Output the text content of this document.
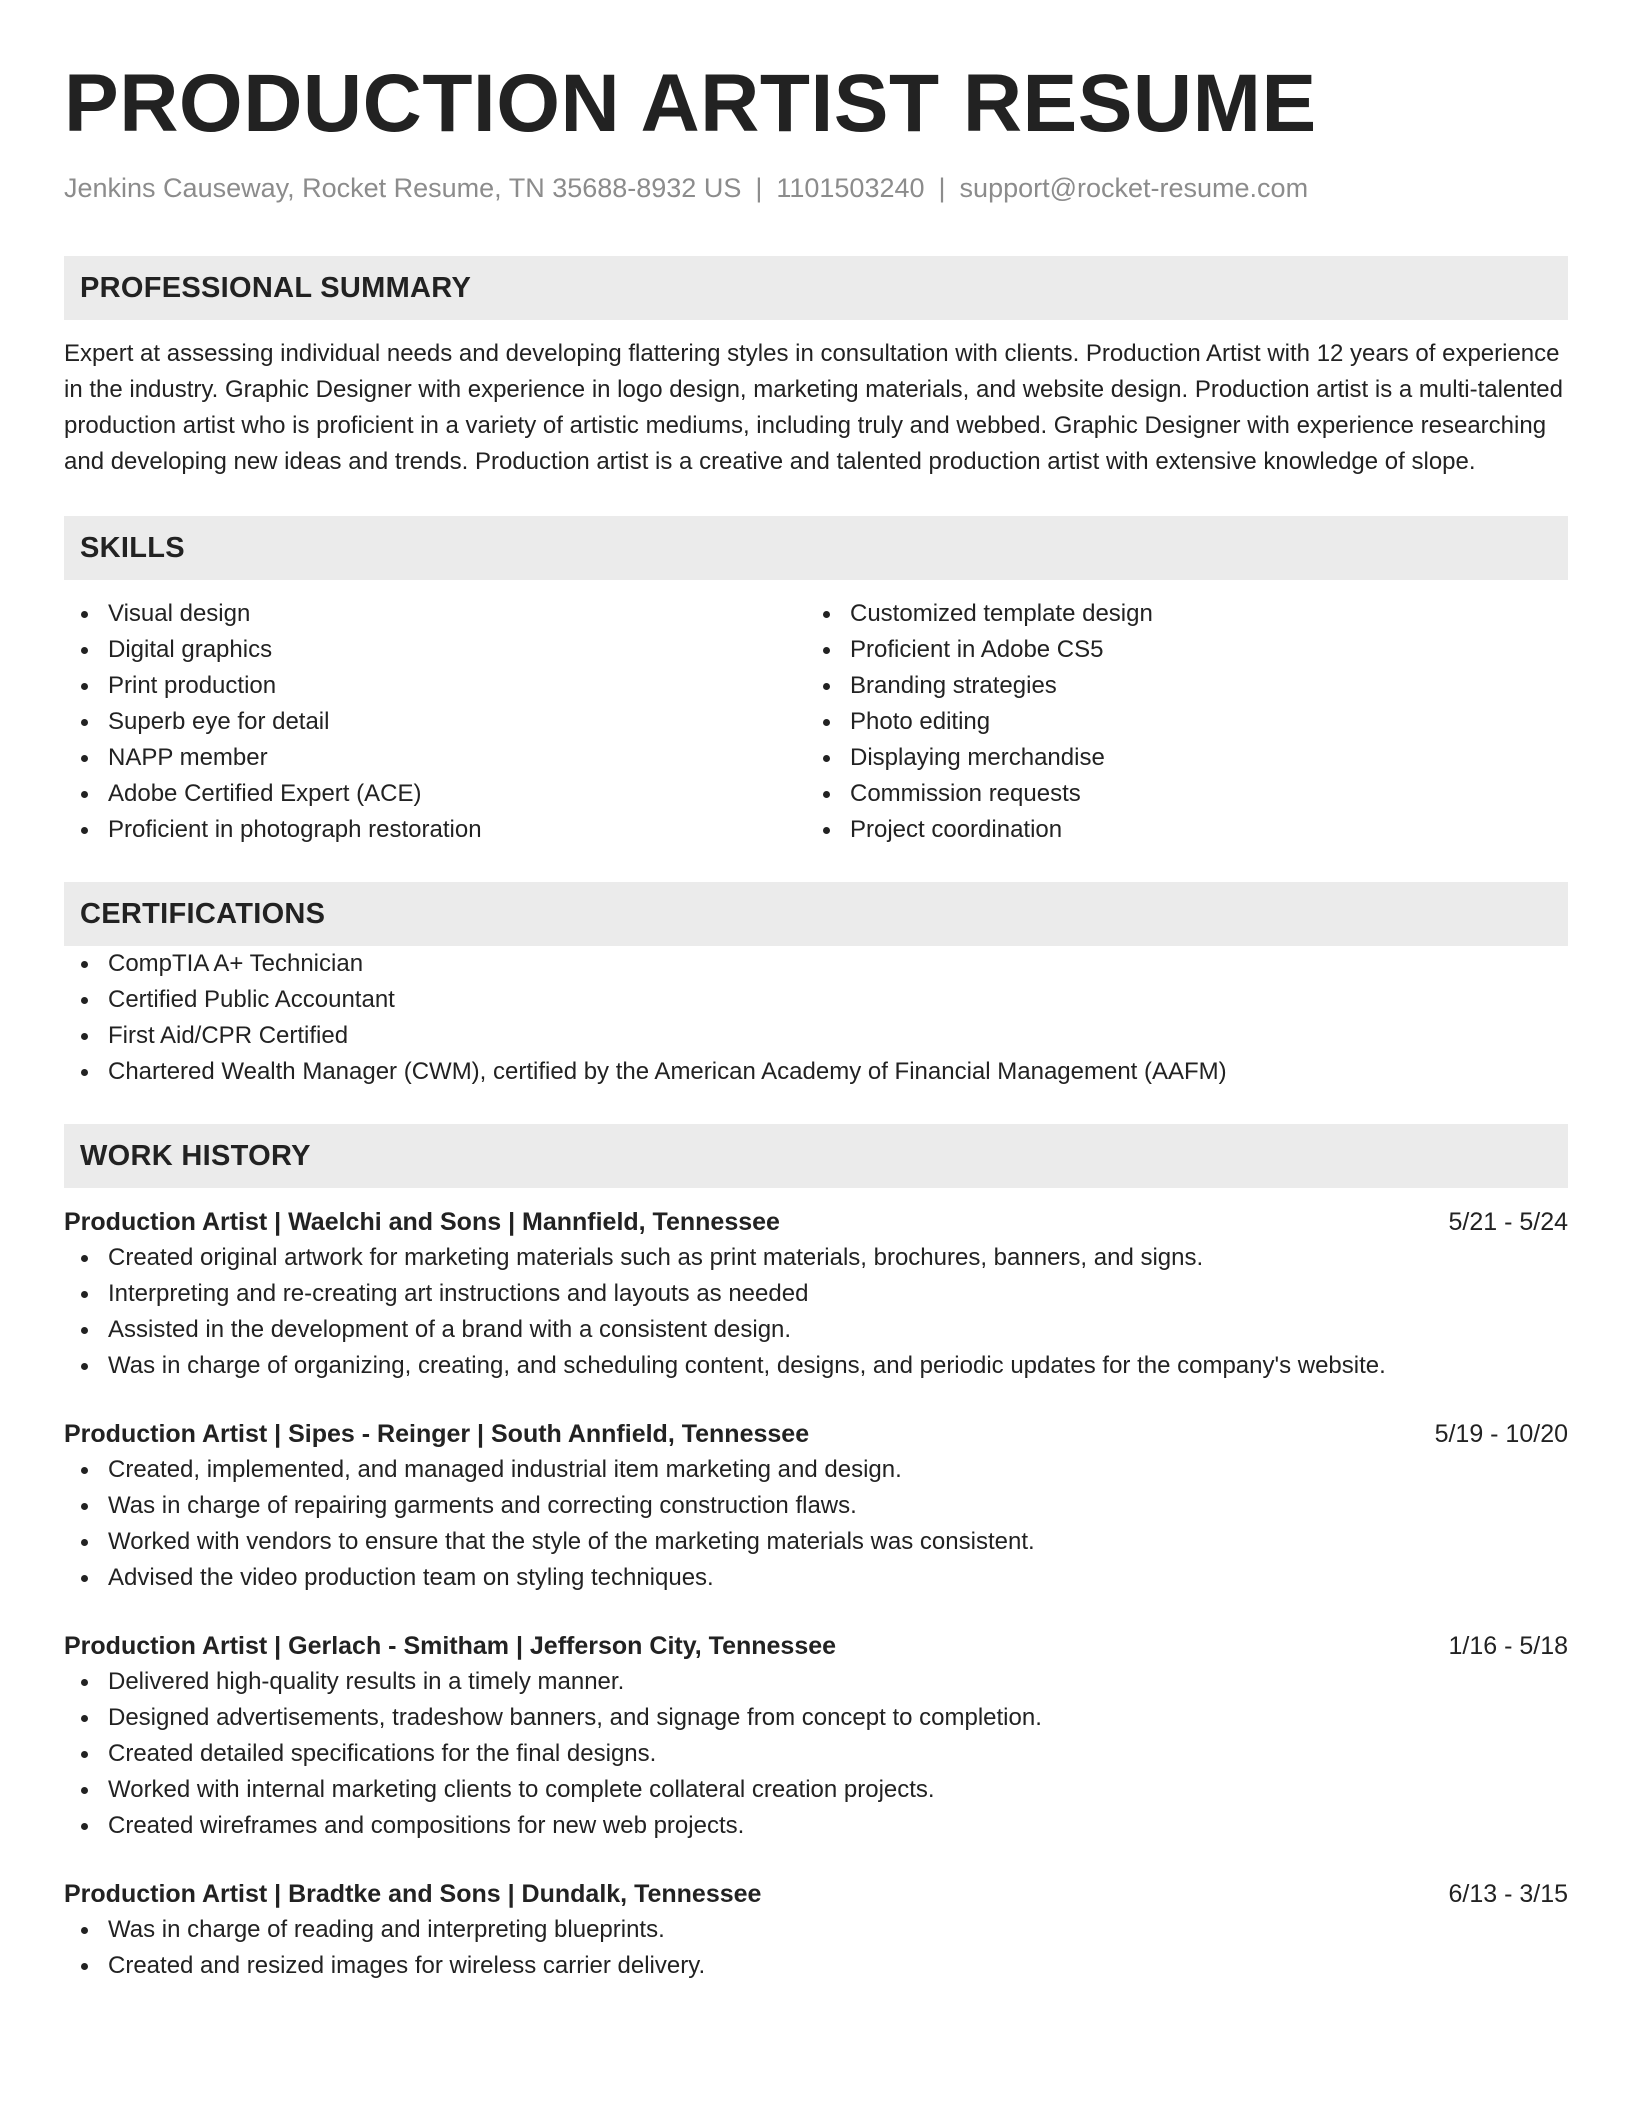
PRODUCTION ARTIST RESUME
Jenkins Causeway, Rocket Resume, TN 35688-8932 US | 1101503240 | support@rocket-resume.com
PROFESSIONAL SUMMARY
Expert at assessing individual needs and developing flattering styles in consultation with clients. Production Artist with 12 years of experience in the industry. Graphic Designer with experience in logo design, marketing materials, and website design. Production artist is a multi-talented production artist who is proficient in a variety of artistic mediums, including truly and webbed. Graphic Designer with experience researching and developing new ideas and trends. Production artist is a creative and talented production artist with extensive knowledge of slope.
SKILLS
Visual design
Digital graphics
Print production
Superb eye for detail
NAPP member
Adobe Certified Expert (ACE)
Proficient in photograph restoration
Customized template design
Proficient in Adobe CS5
Branding strategies
Photo editing
Displaying merchandise
Commission requests
Project coordination
CERTIFICATIONS
CompTIA A+ Technician
Certified Public Accountant
First Aid/CPR Certified
Chartered Wealth Manager (CWM), certified by the American Academy of Financial Management (AAFM)
WORK HISTORY
Production Artist | Waelchi and Sons | Mannfield, Tennessee	5/21 - 5/24
Created original artwork for marketing materials such as print materials, brochures, banners, and signs.
Interpreting and re-creating art instructions and layouts as needed
Assisted in the development of a brand with a consistent design.
Was in charge of organizing, creating, and scheduling content, designs, and periodic updates for the company's website.
Production Artist | Sipes - Reinger | South Annfield, Tennessee	5/19 - 10/20
Created, implemented, and managed industrial item marketing and design.
Was in charge of repairing garments and correcting construction flaws.
Worked with vendors to ensure that the style of the marketing materials was consistent.
Advised the video production team on styling techniques.
Production Artist | Gerlach - Smitham | Jefferson City, Tennessee	1/16 - 5/18
Delivered high-quality results in a timely manner.
Designed advertisements, tradeshow banners, and signage from concept to completion.
Created detailed specifications for the final designs.
Worked with internal marketing clients to complete collateral creation projects.
Created wireframes and compositions for new web projects.
Production Artist | Bradtke and Sons | Dundalk, Tennessee	6/13 - 3/15
Was in charge of reading and interpreting blueprints.
Created and resized images for wireless carrier delivery.
